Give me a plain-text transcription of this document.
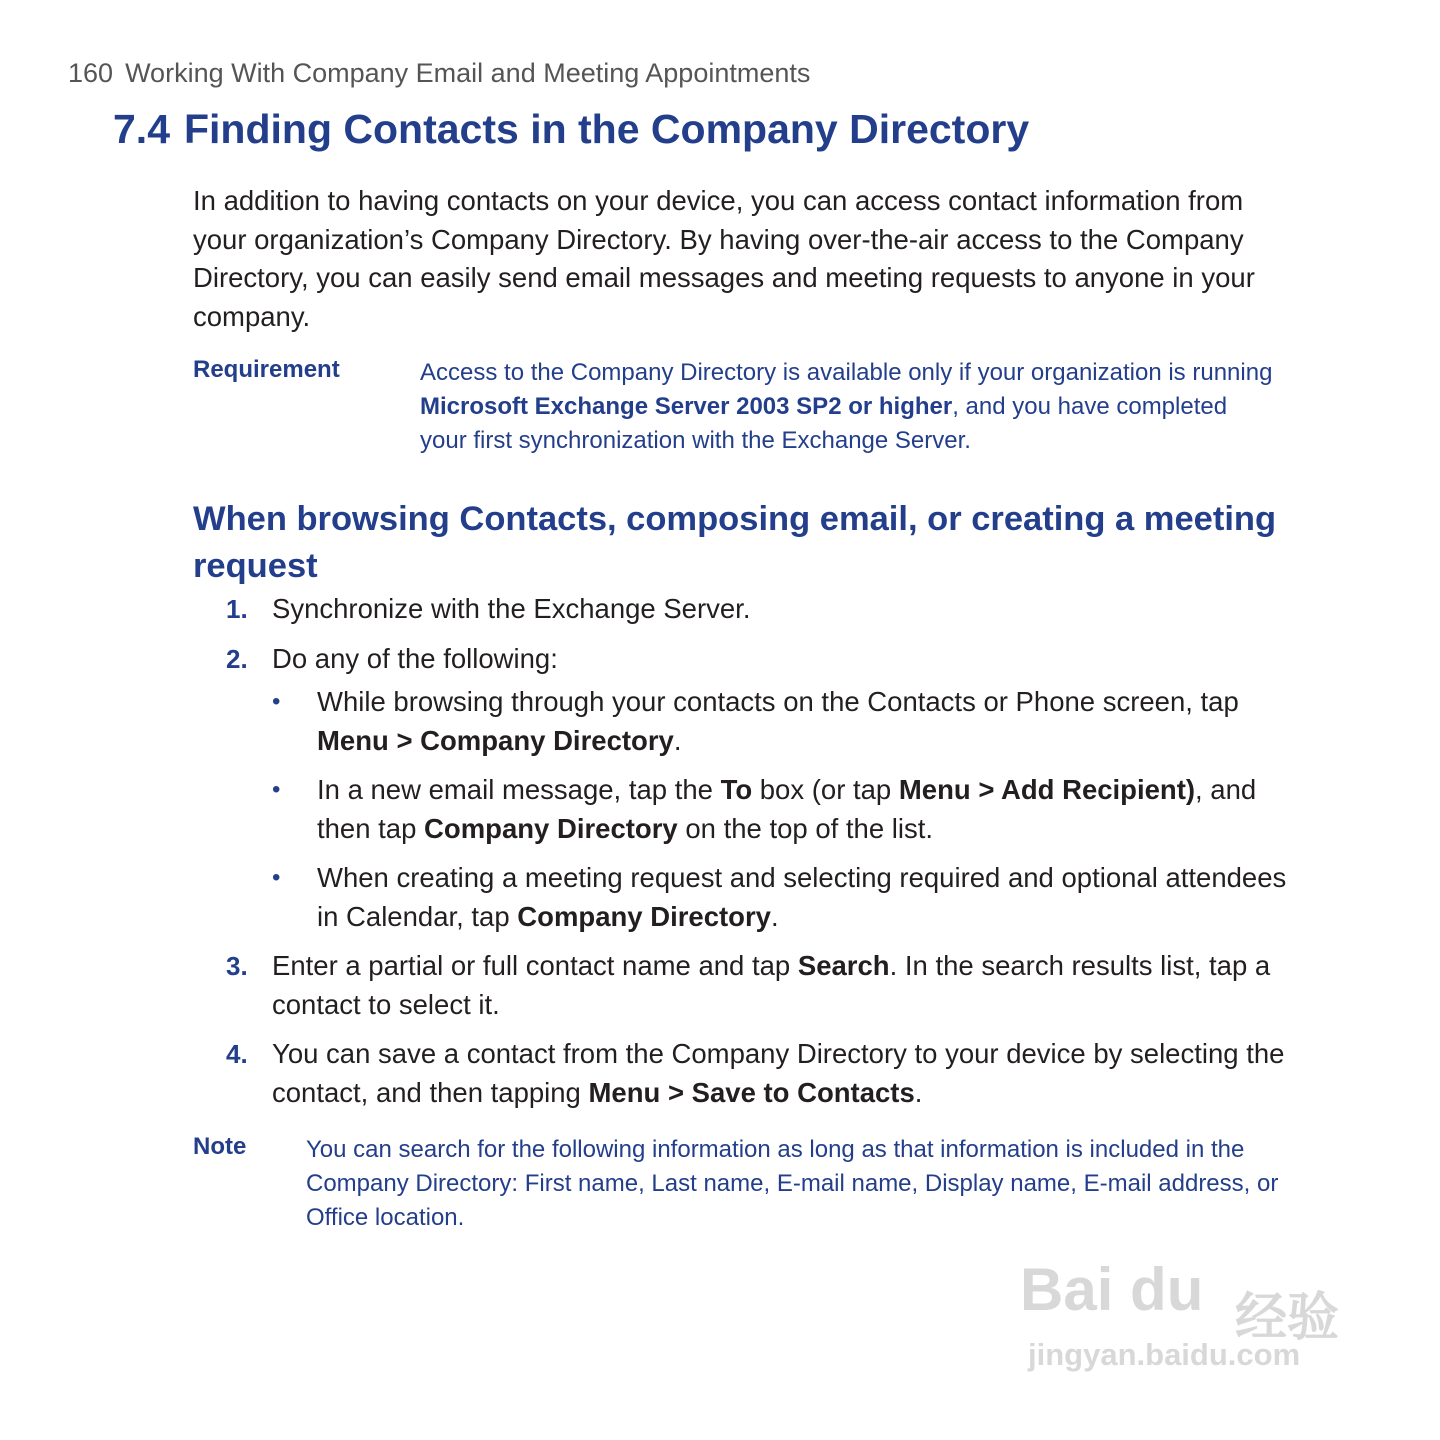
160 Working With Company Email and Meeting Appointments
7.4 Finding Contacts in the Company Directory

In addition to having contacts on your device, you can access contact information from your organization’s Company Directory. By having over-the-air access to the Company Directory, you can easily send email messages and meeting requests to anyone in your company.

Requirement	Access to the Company Directory is available only if your organization is running Microsoft Exchange Server 2003 SP2 or higher, and you have completed your first synchronization with the Exchange Server.
When browsing Contacts, composing email, or creating a meeting request
1. Synchronize with the Exchange Server.
2. Do any of the following:
• While browsing through your contacts on the Contacts or Phone screen, tap Menu > Company Directory.
• In a new email message, tap the To box (or tap Menu > Add Recipient), and then tap Company Directory on the top of the list.
• When creating a meeting request and selecting required and optional attendees in Calendar, tap Company Directory.
3. Enter a partial or full contact name and tap Search. In the search results list, tap a contact to select it.
4. You can save a contact from the Company Directory to your device by selecting the contact, and then tapping Menu > Save to Contacts.
Note You can search for the following information as long as that information is included in the Company Directory: First name, Last name, E-mail name, Display name, E-mail address, or Office location.
Bai du 经验
jingyan.baidu.com
